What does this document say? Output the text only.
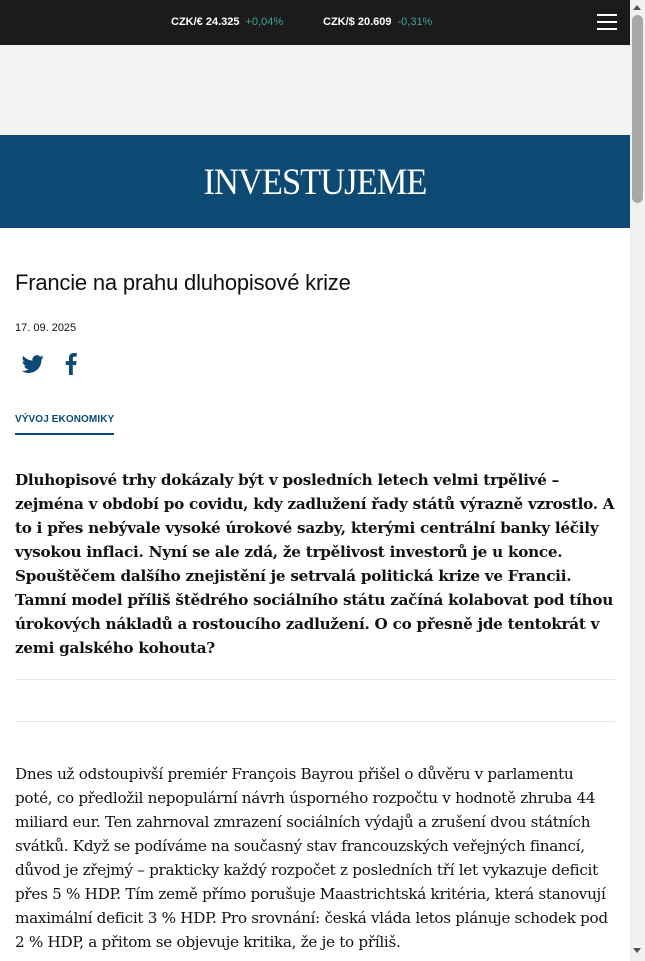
CZK/€ 24.325 +0,04%	CZK/$ 20.609 -0,31%
INVESTUJEME
Francie na prahu dluhopisové krize
17. 09. 2025
VÝVOJ EKONOMIKY

Dluhopisové trhy dokázaly být v posledních letech velmi trpělivé – zejména v období po covidu, kdy zadlužení řady států výrazně vzrostlo. A to i přes nebývale vysoké úrokové sazby, kterými centrální banky léčily vysokou inflaci. Nyní se ale zdá, že trpělivost investorů je u konce. Spouštěčem dalšího znejistění je setrvalá politická krize ve Francii. Tamní model příliš štědrého sociálního státu začíná kolabovat pod tíhou úrokových nákladů a rostoucího zadlužení. O co přesně jde tentokrát v zemi galského kohouta?

Dnes už odstoupivší premiér François Bayrou přišel o důvěru v parlamentu poté, co předložil nepopulární návrh úsporného rozpočtu v hodnotě zhruba 44 miliard eur. Ten zahrnoval zmrazení sociálních výdajů a zrušení dvou státních svátků. Když se podíváme na současný stav francouzských veřejných financí, důvod je zřejmý – prakticky každý rozpočet z posledních tří let vykazuje deficit přes 5 % HDP. Tím země přímo porušuje Maastrichtská kritéria, která stanovují maximální deficit 3 % HDP. Pro srovnání: česká vláda letos plánuje schodek pod 2 % HDP, a přitom se objevuje kritika, že je to příliš.
